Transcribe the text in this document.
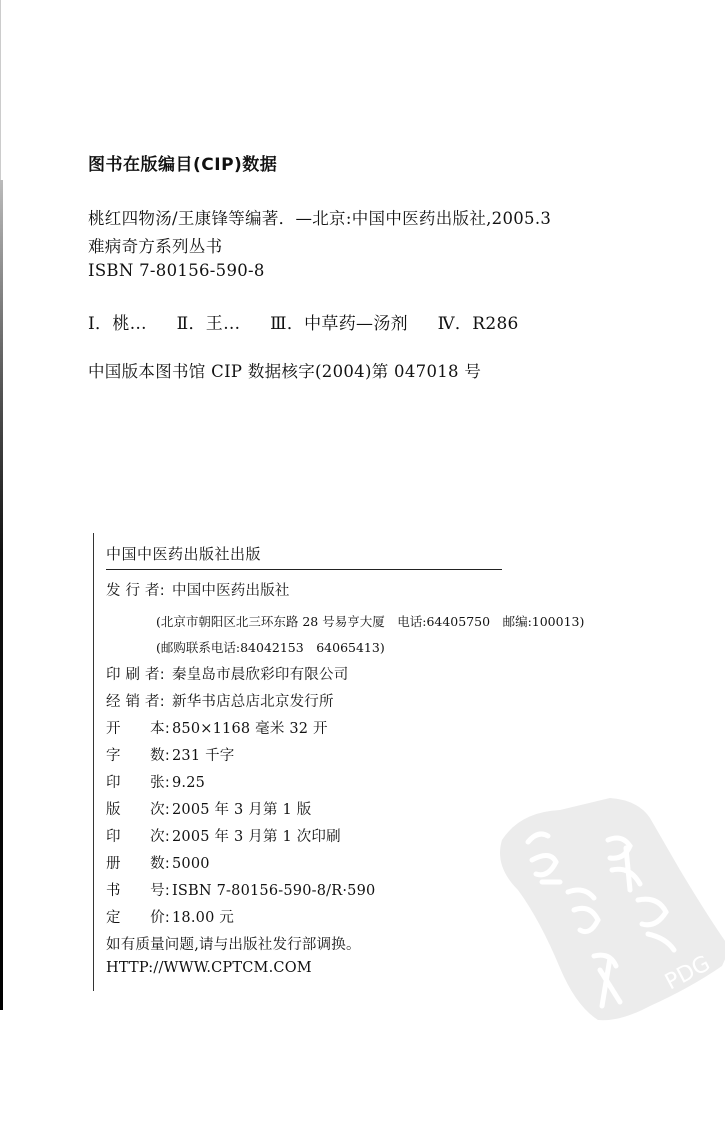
图书在版编目(CIP)数据
桃红四物汤/王康锋等编著．—北京:中国中医药出版社,2005.3
难病奇方系列丛书
ISBN 7-80156-590-8
Ⅰ．桃… Ⅱ．王… Ⅲ．中草药—汤剂 Ⅳ．R286
中国版本图书馆 CIP 数据核字(2004)第 047018 号
中国中医药出版社出版
发 行 者: 中国中医药出版社
(北京市朝阳区北三环东路 28 号易亨大厦　电话:64405750　邮编:100013)
(邮购联系电话:84042153　64065413)
印 刷 者: 秦皇岛市晨欣彩印有限公司
经 销 者: 新华书店总店北京发行所
开　　本: 850×1168 毫米 32 开
字　　数: 231 千字
印　　张: 9.25
版　　次: 2005 年 3 月第 1 版
印　　次: 2005 年 3 月第 1 次印刷
册　　数: 5000
书　　号: ISBN 7-80156-590-8/R·590
定　　价: 18.00 元
如有质量问题,请与出版社发行部调换。
HTTP://WWW.CPTCM.COM	PDG
